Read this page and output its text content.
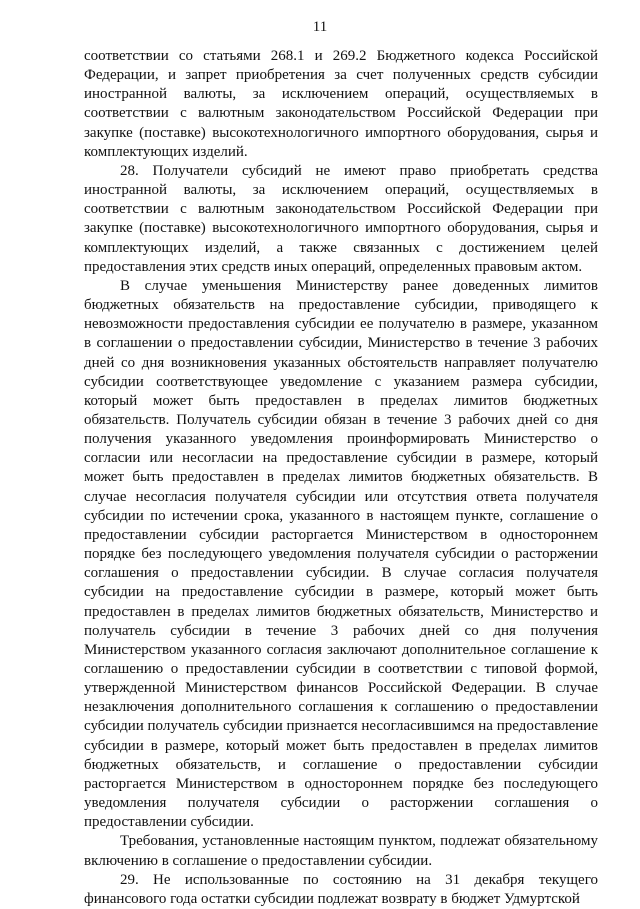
11

соответствии со статьями 268.1 и 269.2 Бюджетного кодекса Российской Федерации, и запрет приобретения за счет полученных средств субсидии иностранной валюты, за исключением операций, осуществляемых в соответствии с валютным законодательством Российской Федерации при закупке (поставке) высокотехнологичного импортного оборудования, сырья и комплектующих изделий.

28. Получатели субсидий не имеют право приобретать средства иностранной валюты, за исключением операций, осуществляемых в соответствии с валютным законодательством Российской Федерации при закупке (поставке) высокотехнологичного импортного оборудования, сырья и комплектующих изделий, а также связанных с достижением целей предоставления этих средств иных операций, определенных правовым актом.

В случае уменьшения Министерству ранее доведенных лимитов бюджетных обязательств на предоставление субсидии, приводящего к невозможности предоставления субсидии ее получателю в размере, указанном в соглашении о предоставлении субсидии, Министерство в течение 3 рабочих дней со дня возникновения указанных обстоятельств направляет получателю субсидии соответствующее уведомление с указанием размера субсидии, который может быть предоставлен в пределах лимитов бюджетных обязательств. Получатель субсидии обязан в течение 3 рабочих дней со дня получения указанного уведомления проинформировать Министерство о согласии или несогласии на предоставление субсидии в размере, который может быть предоставлен в пределах лимитов бюджетных обязательств. В случае несогласия получателя субсидии или отсутствия ответа получателя субсидии по истечении срока, указанного в настоящем пункте, соглашение о предоставлении субсидии расторгается Министерством в одностороннем порядке без последующего уведомления получателя субсидии о расторжении соглашения о предоставлении субсидии. В случае согласия получателя субсидии на предоставление субсидии в размере, который может быть предоставлен в пределах лимитов бюджетных обязательств, Министерство и получатель субсидии в течение 3 рабочих дней со дня получения Министерством указанного согласия заключают дополнительное соглашение к соглашению о предоставлении субсидии в соответствии с типовой формой, утвержденной Министерством финансов Российской Федерации. В случае незаключения дополнительного соглашения к соглашению о предоставлении субсидии получатель субсидии признается несогласившимся на предоставление субсидии в размере, который может быть предоставлен в пределах лимитов бюджетных обязательств, и соглашение о предоставлении субсидии расторгается Министерством в одностороннем порядке без последующего уведомления получателя субсидии о расторжении соглашения о предоставлении субсидии.

Требования, установленные настоящим пунктом, подлежат обязательному включению в соглашение о предоставлении субсидии.

29. Не использованные по состоянию на 31 декабря текущего финансового года остатки субсидии подлежат возврату в бюджет Удмуртской
